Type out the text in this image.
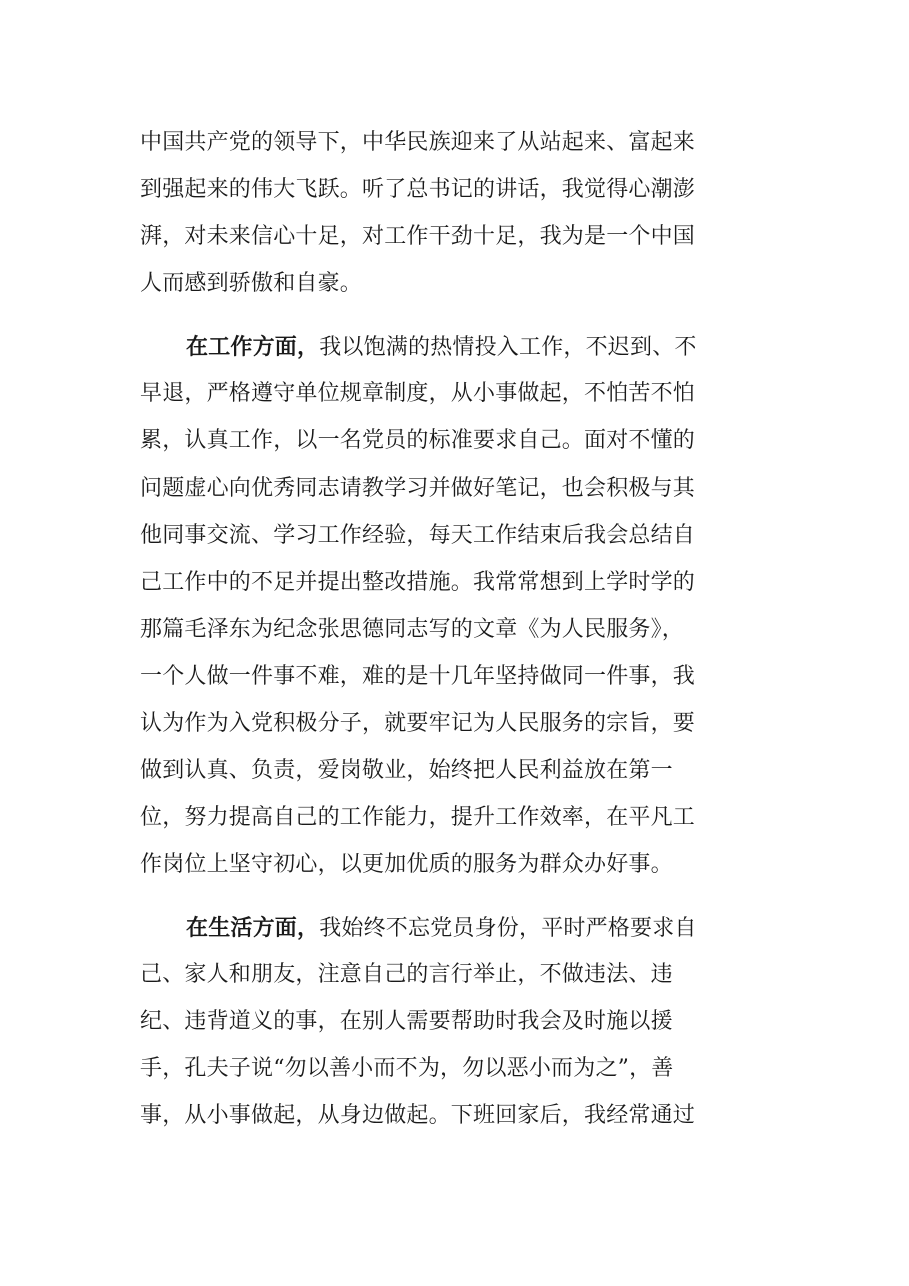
中国共产党的领导下，中华民族迎来了从站起来、富起来
到强起来的伟大飞跃。听了总书记的讲话，我觉得心潮澎
湃，对未来信心十足，对工作干劲十足，我为是一个中国
人而感到骄傲和自豪。
在工作方面，我以饱满的热情投入工作，不迟到、不
早退，严格遵守单位规章制度，从小事做起，不怕苦不怕
累，认真工作，以一名党员的标准要求自己。面对不懂的
问题虚心向优秀同志请教学习并做好笔记，也会积极与其
他同事交流、学习工作经验，每天工作结束后我会总结自
己工作中的不足并提出整改措施。我常常想到上学时学的
那篇毛泽东为纪念张思德同志写的文章《为人民服务》，
一个人做一件事不难，难的是十几年坚持做同一件事，我
认为作为入党积极分子，就要牢记为人民服务的宗旨，要
做到认真、负责，爱岗敬业，始终把人民利益放在第一
位，努力提高自己的工作能力，提升工作效率，在平凡工
作岗位上坚守初心，以更加优质的服务为群众办好事。
在生活方面，我始终不忘党员身份，平时严格要求自
己、家人和朋友，注意自己的言行举止，不做违法、违
纪、违背道义的事，在别人需要帮助时我会及时施以援
手，孔夫子说“勿以善小而不为，勿以恶小而为之”，善
事，从小事做起，从身边做起。下班回家后，我经常通过
